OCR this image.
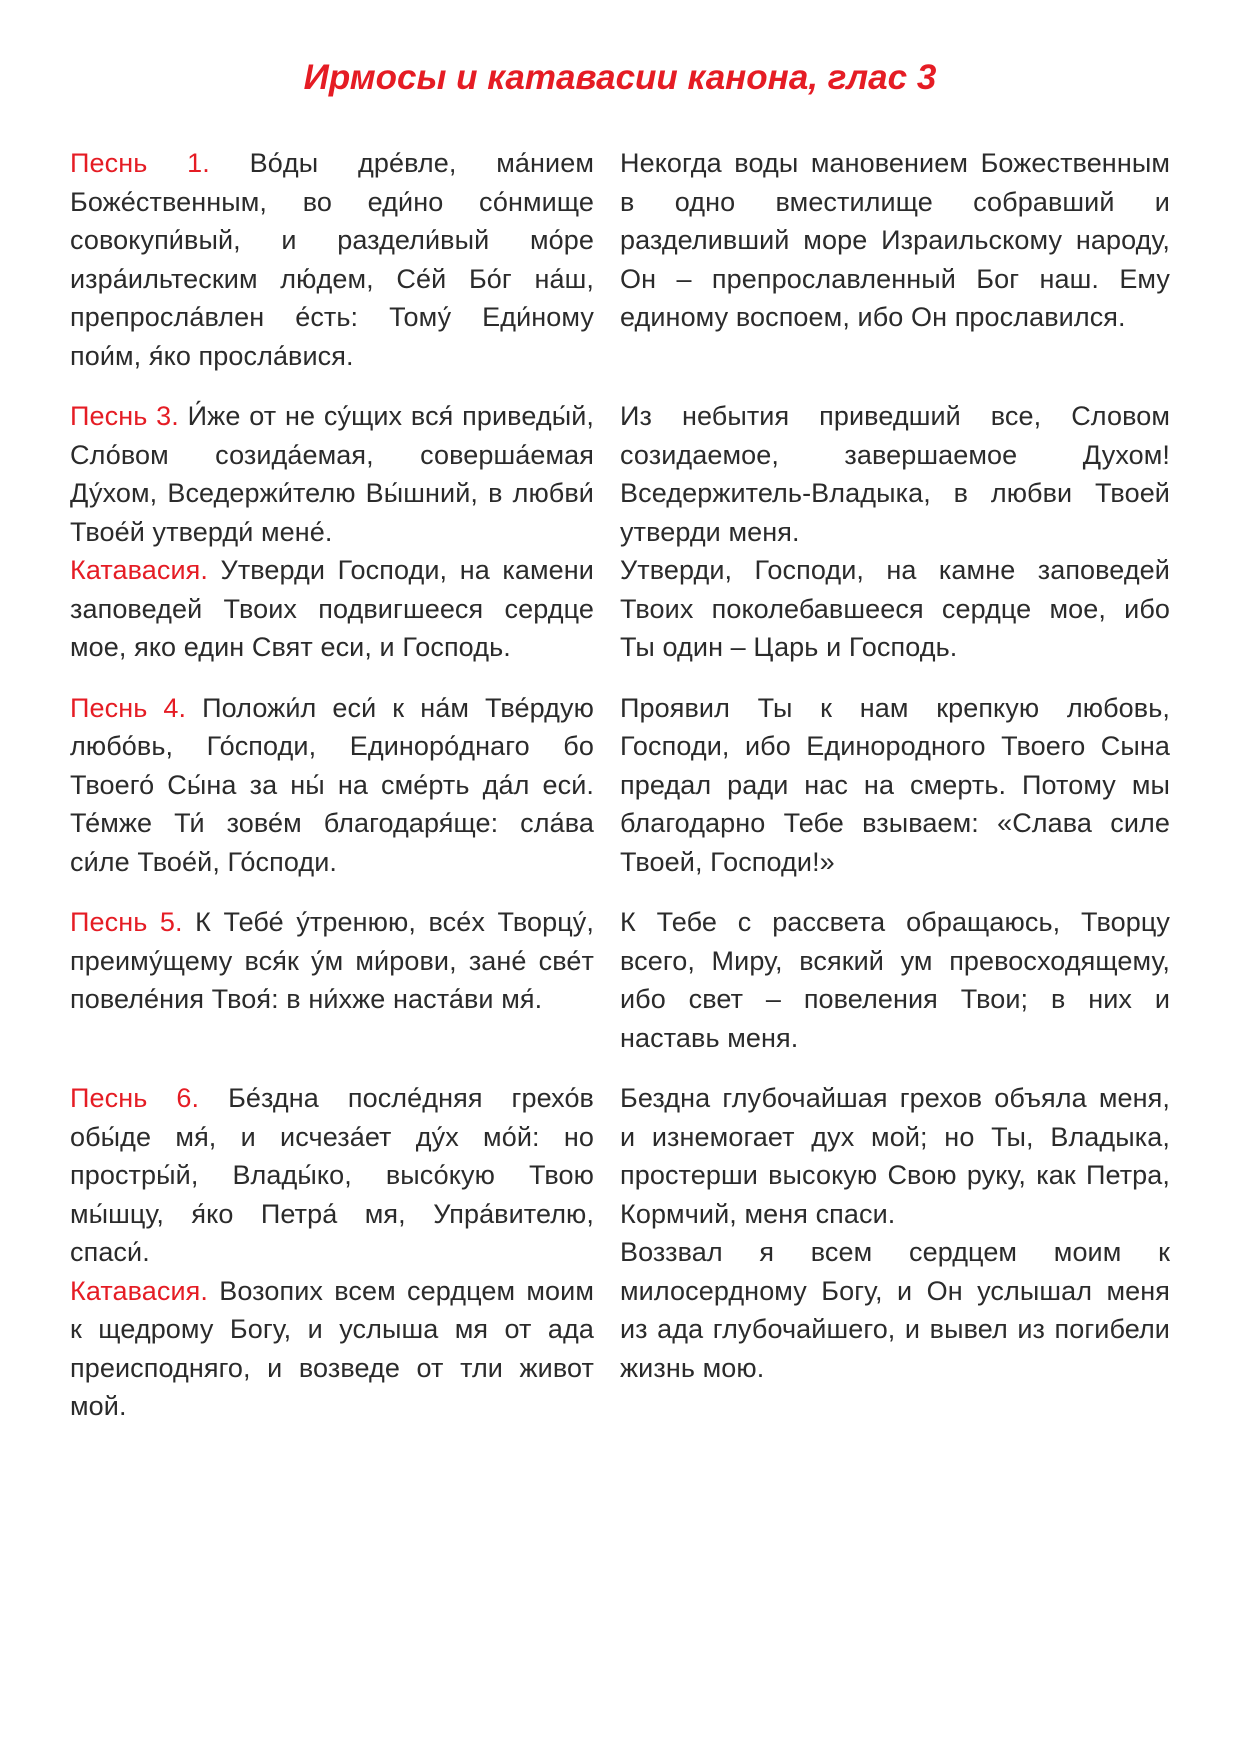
Ирмосы и катавасии канона, глас 3

Песнь 1. Во́ды дре́вле, ма́нием Боже́ственным, во еди́но со́нмище совокупи́вый, и раздели́вый мо́ре изра́ильтеским лю́дем, Се́й Бо́г на́ш, препросла́влен е́сть: Тому́ Еди́ному пои́м, я́ко просла́вися.

Некогда воды мановением Божественным в одно вместилище собравший и разделивший море Израильскому народу, Он – препрославленный Бог наш. Ему единому воспоем, ибо Он прославился.

Песнь 3. И́же от не су́щих вся́ приведы́й, Сло́вом созида́емая, соверша́емая Ду́хом, Вседержи́телю Вы́шний, в любви́ Твое́й утверди́ мене́.

Катавасия. Утверди Господи, на камени заповедей Твоих подвигшееся сердце мое, яко един Свят еси, и Господь.

Из небытия приведший все, Словом созидаемое, завершаемое Духом! Вседержитель-Владыка, в любви Твоей утверди меня.

Утверди, Господи, на камне заповедей Твоих поколебавшееся сердце мое, ибо Ты один – Царь и Господь.

Песнь 4. Положи́л еси́ к на́м Тве́рдую любо́вь, Го́споди, Единоро́днаго бо Твоего́ Сы́на за ны́ на сме́рть да́л еси́. Те́мже Ти́ зове́м благодаря́ще: сла́ва си́ле Твое́й, Го́споди.

Проявил Ты к нам крепкую любовь, Господи, ибо Единородного Твоего Сына предал ради нас на смерть. Потому мы благодарно Тебе взываем: «Слава силе Твоей, Господи!»

Песнь 5. К Тебе́ у́тренюю, все́х Творцу́, преиму́щему вся́к у́м ми́рови, зане́ све́т повеле́ния Твоя́: в ни́хже наста́ви мя́.

К Тебе с рассвета обращаюсь, Творцу всего, Миру, всякий ум превосходящему, ибо свет – повеления Твои; в них и наставь меня.

Песнь 6. Бе́здна после́дняя грехо́в обы́де мя́, и исчеза́ет ду́х мо́й: но простры́й, Влады́ко, высо́кую Твою мы́шцу, я́ко Петра́ мя, Упра́вителю, спаси́.

Катавасия. Возопих всем сердцем моим к щедрому Богу, и услыша мя от ада преисподняго, и возведе от тли живот мой.

Бездна глубочайшая грехов объяла меня, и изнемогает дух мой; но Ты, Владыка, простерши высокую Свою руку, как Петра, Кормчий, меня спаси.

Воззвал я всем сердцем моим к милосердному Богу, и Он услышал меня из ада глубочайшего, и вывел из погибели жизнь мою.
